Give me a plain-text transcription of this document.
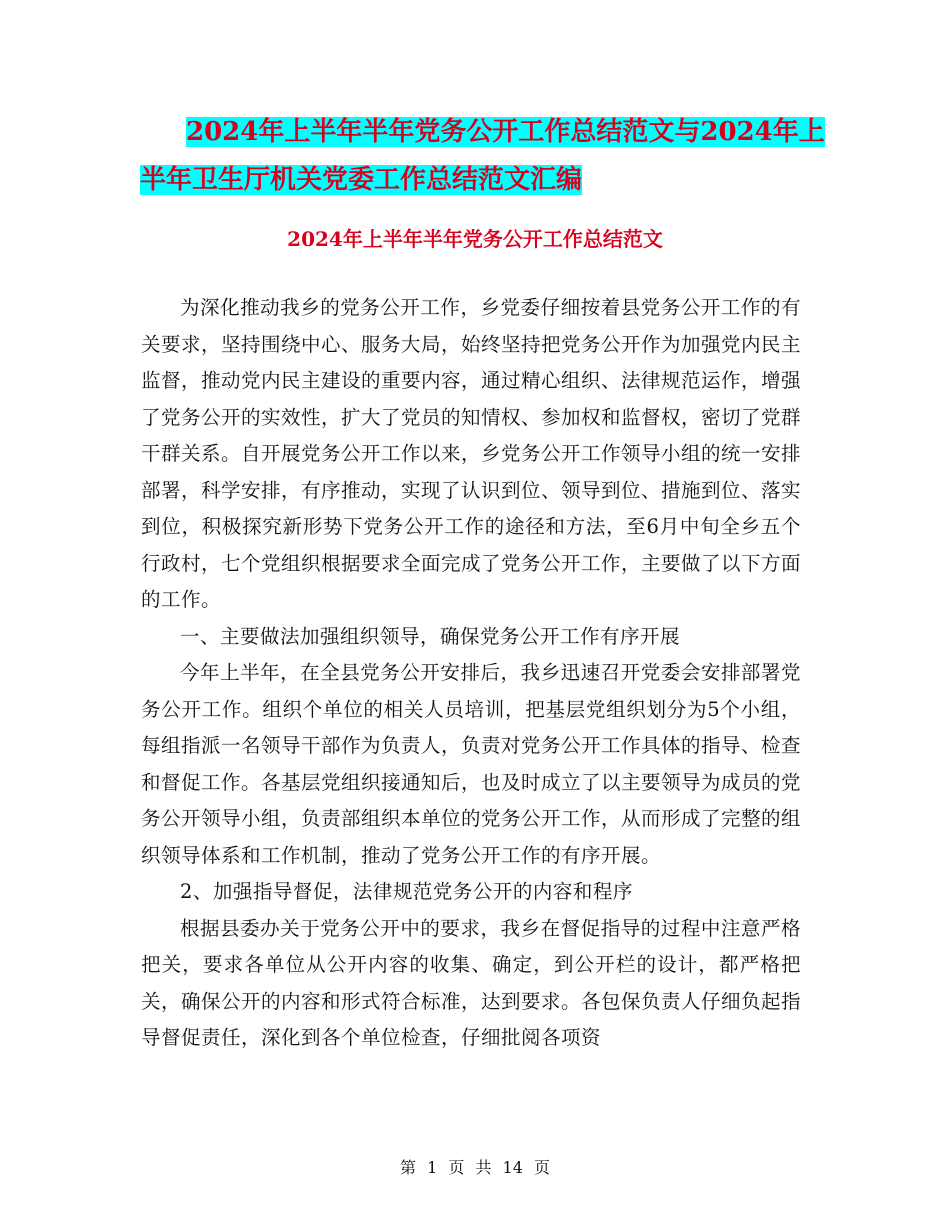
2024年上半年半年党务公开工作总结范文与2024年上
半年卫生厅机关党委工作总结范文汇编
2024年上半年半年党务公开工作总结范文

为深化推动我乡的党务公开工作，乡党委仔细按着县党务公开工作的有关要求，坚持围绕中心、服务大局，始终坚持把党务公开作为加强党内民主监督，推动党内民主建设的重要内容，通过精心组织、法律规范运作，增强了党务公开的实效性，扩大了党员的知情权、参加权和监督权，密切了党群干群关系。自开展党务公开工作以来，乡党务公开工作领导小组的统一安排部署，科学安排，有序推动，实现了认识到位、领导到位、措施到位、落实到位，积极探究新形势下党务公开工作的途径和方法，至6月中旬全乡五个行政村，七个党组织根据要求全面完成了党务公开工作，主要做了以下方面的工作。

一、主要做法加强组织领导，确保党务公开工作有序开展

今年上半年，在全县党务公开安排后，我乡迅速召开党委会安排部署党务公开工作。组织个单位的相关人员培训，把基层党组织划分为5个小组，每组指派一名领导干部作为负责人，负责对党务公开工作具体的指导、检查和督促工作。各基层党组织接通知后，也及时成立了以主要领导为成员的党务公开领导小组，负责部组织本单位的党务公开工作，从而形成了完整的组织领导体系和工作机制，推动了党务公开工作的有序开展。

2、加强指导督促，法律规范党务公开的内容和程序

根据县委办关于党务公开中的要求，我乡在督促指导的过程中注意严格把关，要求各单位从公开内容的收集、确定，到公开栏的设计，都严格把关，确保公开的内容和形式符合标准，达到要求。各包保负责人仔细负起指导督促责任，深化到各个单位检查，仔细批阅各项资

第 1 页 共 14 页
